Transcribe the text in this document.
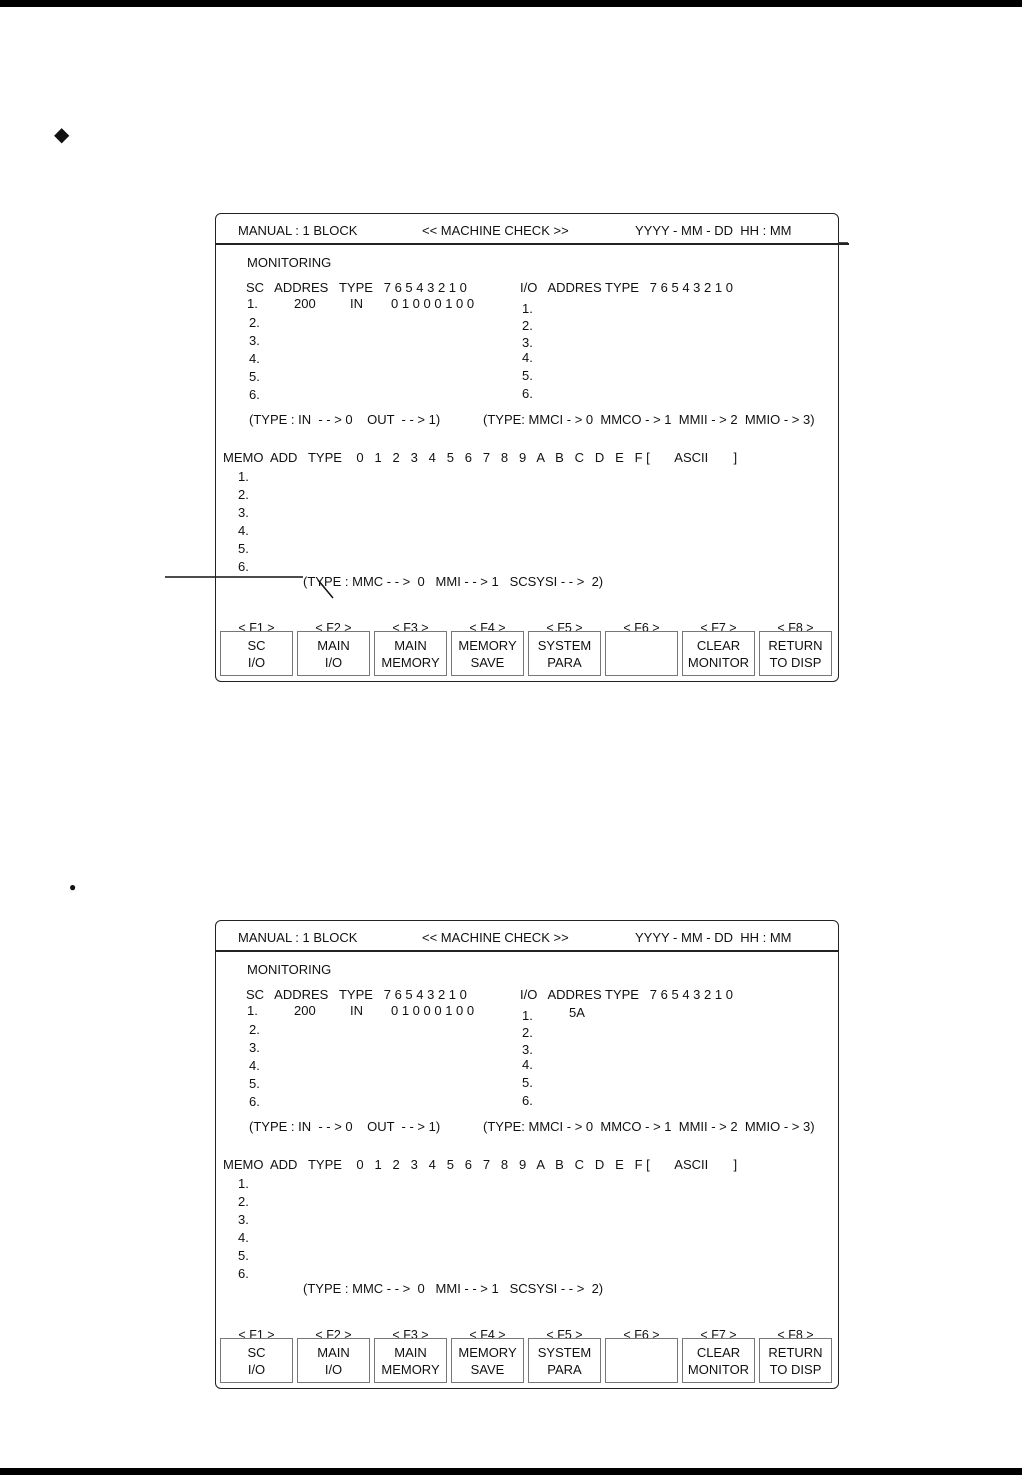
◆
●
MANUAL : 1 BLOCK	<< MACHINE CHECK >>	YYYY - MM - DD  HH : MM
MONITORING
SC   ADDRES   TYPE   7 6 5 4 3 2 1 0
1.	200	IN 0 1 0 0 0 1 0 0
2.
3.
4.
5.
6.
I/O   ADDRES TYPE   7 6 5 4 3 2 1 0
1.
2.
3.
4.
5.
6.
(TYPE : IN  - - > 0    OUT  - - > 1)	(TYPE: MMCI - > 0  MMCO - > 1  MMII - > 2  MMIO - > 3)
MEMO  ADD   TYPE    0   1   2   3   4   5   6   7   8   9   A   B   C   D   E   F [       ASCII       ]
1.
2.
3.
4.
5.
6.
(TYPE : MMC - - >  0   MMI - - > 1   SCSYSI - - >  2)
< F1 >
SC
I/O
< F2 >
MAIN
I/O
< F3 >
MAIN
MEMORY
< F4 >
MEMORY
SAVE
< F5 >
SYSTEM
PARA
< F6 >	< F7 >
CLEAR
MONITOR
< F8 >
RETURN
TO DISP
MANUAL : 1 BLOCK	<< MACHINE CHECK >>	YYYY - MM - DD  HH : MM
MONITORING
SC   ADDRES   TYPE   7 6 5 4 3 2 1 0
1.	200	IN 0 1 0 0 0 1 0 0
2.
3.
4.
5.
6.
I/O   ADDRES TYPE   7 6 5 4 3 2 1 0
1.	5A
2.
3.
4.
5.
6.
(TYPE : IN  - - > 0    OUT  - - > 1)	(TYPE: MMCI - > 0  MMCO - > 1  MMII - > 2  MMIO - > 3)
MEMO  ADD   TYPE    0   1   2   3   4   5   6   7   8   9   A   B   C   D   E   F [       ASCII       ]
1.
2.
3.
4.
5.
6.
(TYPE : MMC - - >  0   MMI - - > 1   SCSYSI - - >  2)
< F1 >
SC
I/O
< F2 >
MAIN
I/O
< F3 >
MAIN
MEMORY
< F4 >
MEMORY
SAVE
< F5 >
SYSTEM
PARA
< F6 >	< F7 >
CLEAR
MONITOR
< F8 >
RETURN
TO DISP
